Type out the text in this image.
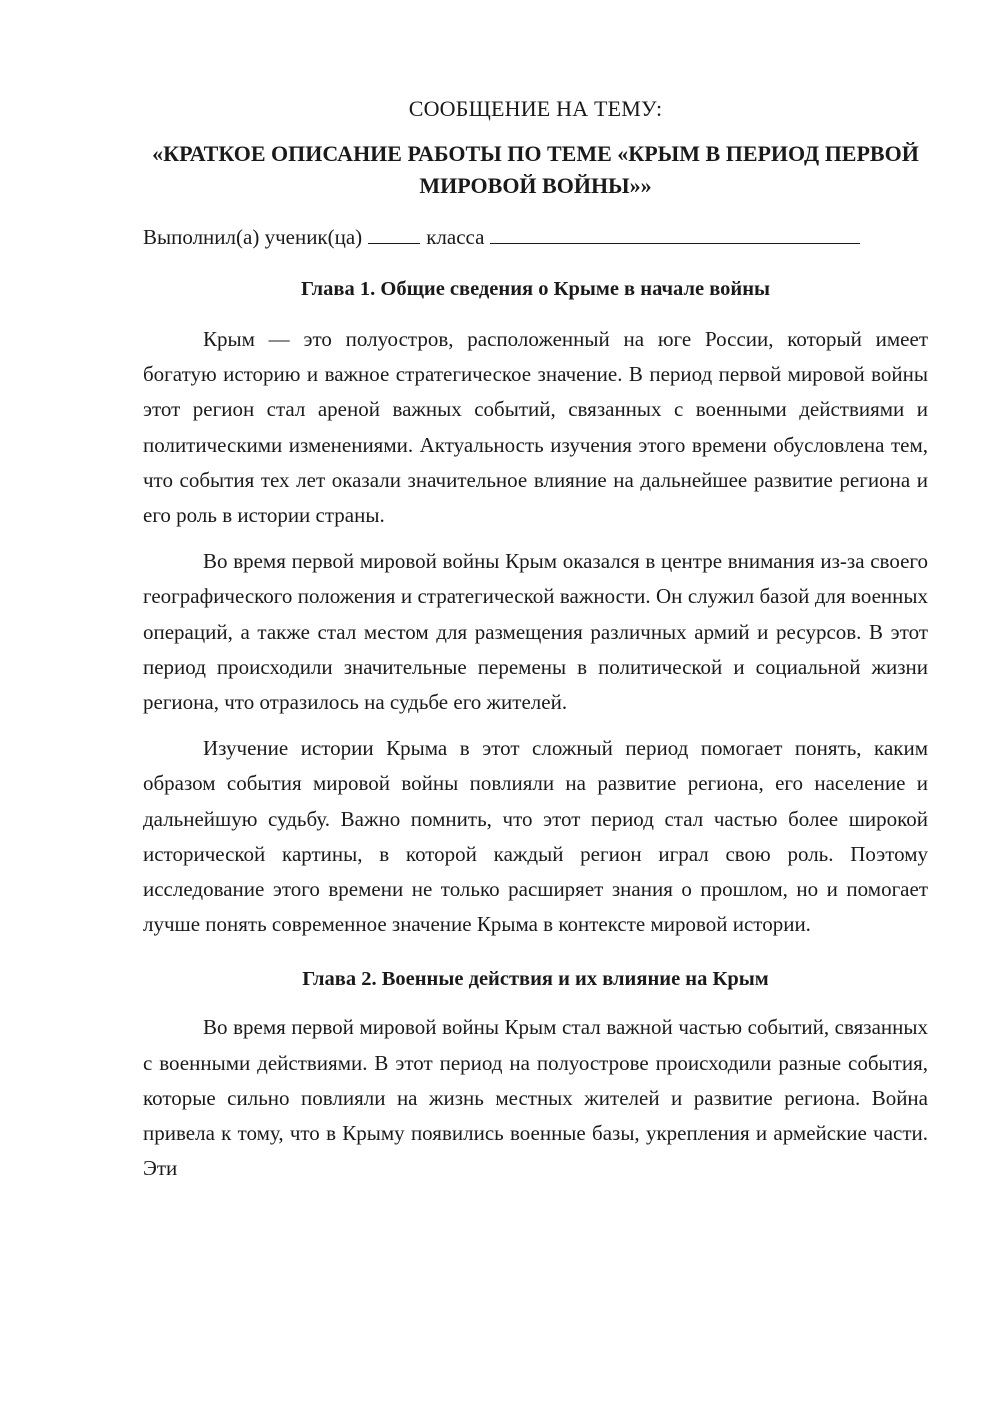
СООБЩЕНИЕ НА ТЕМУ:

«КРАТКОЕ ОПИСАНИЕ РАБОТЫ ПО ТЕМЕ «КРЫМ В ПЕРИОД ПЕРВОЙ МИРОВОЙ ВОЙНЫ»»

Выполнил(а) ученик(ца)	класса

Глава 1. Общие сведения о Крыме в начале войны

Крым — это полуостров, расположенный на юге России, который имеет богатую историю и важное стратегическое значение. В период первой мировой войны этот регион стал ареной важных событий, связанных с военными действиями и политическими изменениями. Актуальность изучения этого времени обусловлена тем, что события тех лет оказали значительное влияние на дальнейшее развитие региона и его роль в истории страны.

Во время первой мировой войны Крым оказался в центре внимания из-за своего географического положения и стратегической важности. Он служил базой для военных операций, а также стал местом для размещения различных армий и ресурсов. В этот период происходили значительные перемены в политической и социальной жизни региона, что отразилось на судьбе его жителей.

Изучение истории Крыма в этот сложный период помогает понять, каким образом события мировой войны повлияли на развитие региона, его население и дальнейшую судьбу. Важно помнить, что этот период стал частью более широкой исторической картины, в которой каждый регион играл свою роль. Поэтому исследование этого времени не только расширяет знания о прошлом, но и помогает лучше понять современное значение Крыма в контексте мировой истории.

Глава 2. Военные действия и их влияние на Крым

Во время первой мировой войны Крым стал важной частью событий, связанных с военными действиями. В этот период на полуострове происходили разные события, которые сильно повлияли на жизнь местных жителей и развитие региона. Война привела к тому, что в Крыму появились военные базы, укрепления и армейские части. Эти
